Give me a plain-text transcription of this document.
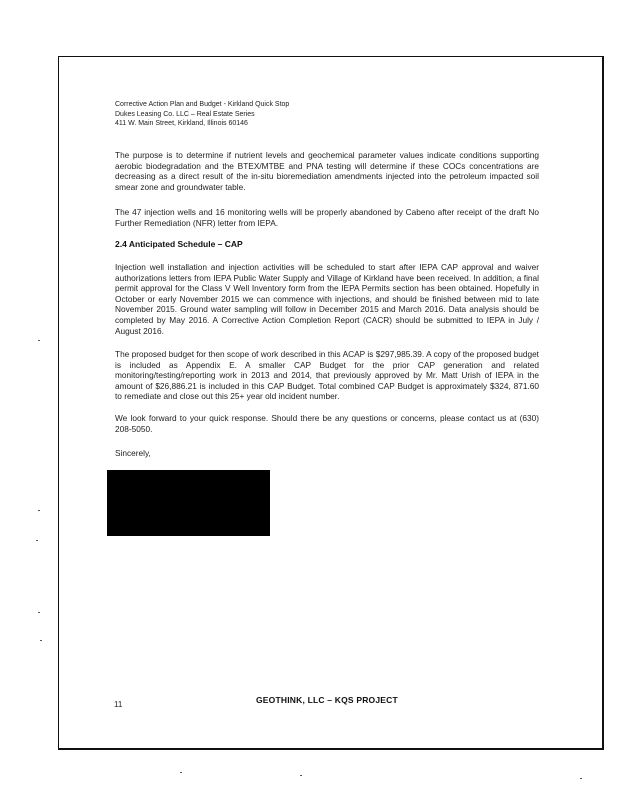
Corrective Action Plan and Budget - Kirkland Quick Stop
Dukes Leasing Co. LLC – Real Estate Series
411 W. Main Street, Kirkland, Illinois 60146
The purpose is to determine if nutrient levels and geochemical parameter values indicate conditions supporting aerobic biodegradation and the BTEX/MTBE and PNA testing will determine if these COCs concentrations are decreasing as a direct result of the in-situ bioremediation amendments injected into the petroleum impacted soil smear zone and groundwater table.
The 47 injection wells and 16 monitoring wells will be properly abandoned by Cabeno after receipt of the draft No Further Remediation (NFR) letter from IEPA.
2.4 Anticipated Schedule – CAP
Injection well installation and injection activities will be scheduled to start after IEPA CAP approval and waiver authorizations letters from IEPA Public Water Supply and Village of Kirkland have been received. In addition, a final permit approval for the Class V Well Inventory form from the IEPA Permits section has been obtained. Hopefully in October or early November 2015 we can commence with injections, and should be finished between mid to late November 2015. Ground water sampling will follow in December 2015 and March 2016. Data analysis should be completed by May 2016. A Corrective Action Completion Report (CACR) should be submitted to IEPA in July / August 2016.
The proposed budget for then scope of work described in this ACAP is $297,985.39. A copy of the proposed budget is included as Appendix E. A smaller CAP Budget for the prior CAP generation and related monitoring/testing/reporting work in 2013 and 2014, that previously approved by Mr. Matt Urish of IEPA in the amount of $26,886.21 is included in this CAP Budget. Total combined CAP Budget is approximately $324, 871.60 to remediate and close out this 25+ year old incident number.
We look forward to your quick response. Should there be any questions or concerns, please contact us at (630) 208-5050.
Sincerely,
11	GEOTHINK, LLC – KQS PROJECT
